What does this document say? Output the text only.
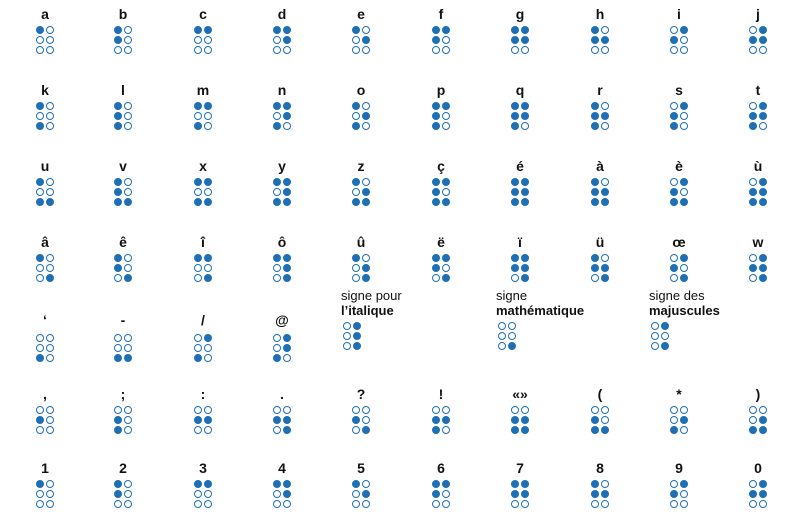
a	b	c	d	e	f	g	h	i	j
k	l	m	n	o	p	q	r	s	t
u	v	x	y	z	ç	é	à	è	ù
â	ê	î	ô	û	ë	ï	ü	œ	w
‘	-	/	@
signe pour
l’italique
signe
mathématique
signe des
majuscules
,	;	:	.	?	!	«»	(	*	)
1	2	3	4	5	6	7	8	9	0
